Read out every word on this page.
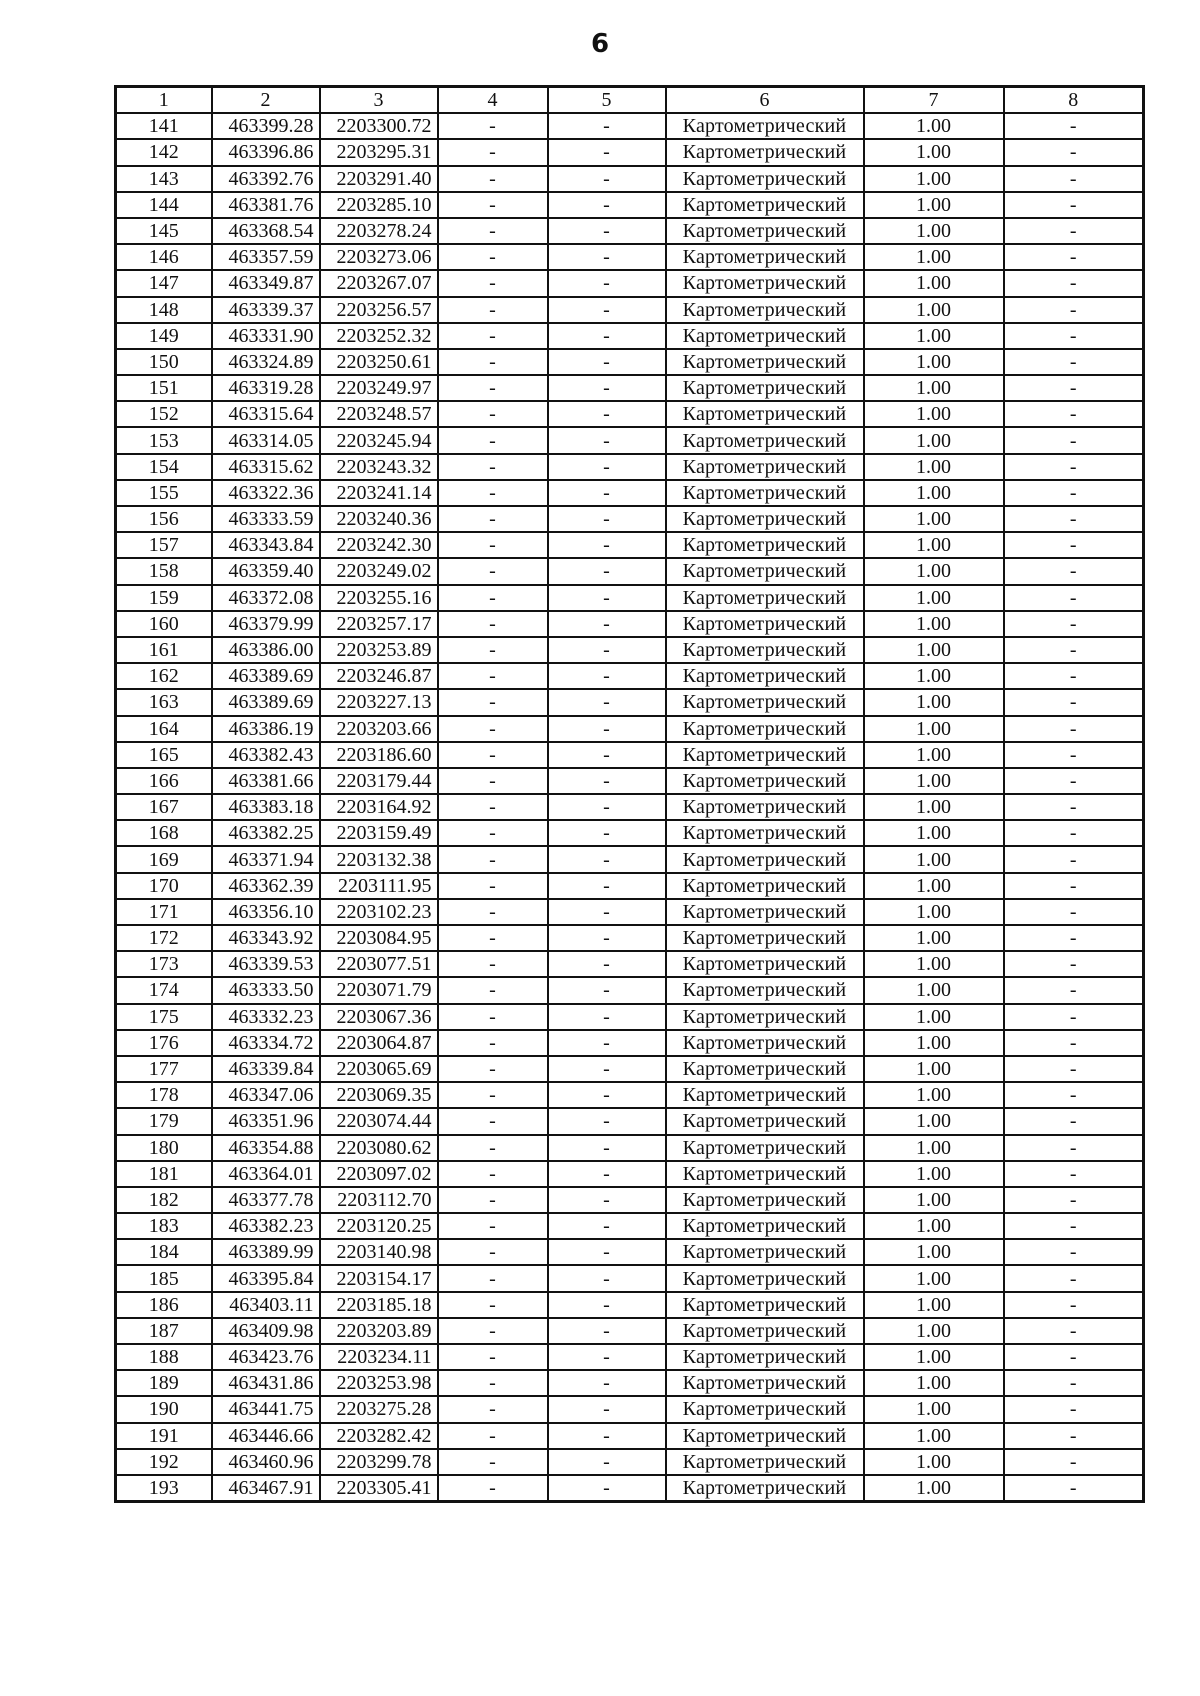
6
1	2	3	4	5	6	7	8
141	463399.28	2203300.72	-	-	Картометрический	1.00	-
142	463396.86	2203295.31	-	-	Картометрический	1.00	-
143	463392.76	2203291.40	-	-	Картометрический	1.00	-
144	463381.76	2203285.10	-	-	Картометрический	1.00	-
145	463368.54	2203278.24	-	-	Картометрический	1.00	-
146	463357.59	2203273.06	-	-	Картометрический	1.00	-
147	463349.87	2203267.07	-	-	Картометрический	1.00	-
148	463339.37	2203256.57	-	-	Картометрический	1.00	-
149	463331.90	2203252.32	-	-	Картометрический	1.00	-
150	463324.89	2203250.61	-	-	Картометрический	1.00	-
151	463319.28	2203249.97	-	-	Картометрический	1.00	-
152	463315.64	2203248.57	-	-	Картометрический	1.00	-
153	463314.05	2203245.94	-	-	Картометрический	1.00	-
154	463315.62	2203243.32	-	-	Картометрический	1.00	-
155	463322.36	2203241.14	-	-	Картометрический	1.00	-
156	463333.59	2203240.36	-	-	Картометрический	1.00	-
157	463343.84	2203242.30	-	-	Картометрический	1.00	-
158	463359.40	2203249.02	-	-	Картометрический	1.00	-
159	463372.08	2203255.16	-	-	Картометрический	1.00	-
160	463379.99	2203257.17	-	-	Картометрический	1.00	-
161	463386.00	2203253.89	-	-	Картометрический	1.00	-
162	463389.69	2203246.87	-	-	Картометрический	1.00	-
163	463389.69	2203227.13	-	-	Картометрический	1.00	-
164	463386.19	2203203.66	-	-	Картометрический	1.00	-
165	463382.43	2203186.60	-	-	Картометрический	1.00	-
166	463381.66	2203179.44	-	-	Картометрический	1.00	-
167	463383.18	2203164.92	-	-	Картометрический	1.00	-
168	463382.25	2203159.49	-	-	Картометрический	1.00	-
169	463371.94	2203132.38	-	-	Картометрический	1.00	-
170	463362.39	2203111.95	-	-	Картометрический	1.00	-
171	463356.10	2203102.23	-	-	Картометрический	1.00	-
172	463343.92	2203084.95	-	-	Картометрический	1.00	-
173	463339.53	2203077.51	-	-	Картометрический	1.00	-
174	463333.50	2203071.79	-	-	Картометрический	1.00	-
175	463332.23	2203067.36	-	-	Картометрический	1.00	-
176	463334.72	2203064.87	-	-	Картометрический	1.00	-
177	463339.84	2203065.69	-	-	Картометрический	1.00	-
178	463347.06	2203069.35	-	-	Картометрический	1.00	-
179	463351.96	2203074.44	-	-	Картометрический	1.00	-
180	463354.88	2203080.62	-	-	Картометрический	1.00	-
181	463364.01	2203097.02	-	-	Картометрический	1.00	-
182	463377.78	2203112.70	-	-	Картометрический	1.00	-
183	463382.23	2203120.25	-	-	Картометрический	1.00	-
184	463389.99	2203140.98	-	-	Картометрический	1.00	-
185	463395.84	2203154.17	-	-	Картометрический	1.00	-
186	463403.11	2203185.18	-	-	Картометрический	1.00	-
187	463409.98	2203203.89	-	-	Картометрический	1.00	-
188	463423.76	2203234.11	-	-	Картометрический	1.00	-
189	463431.86	2203253.98	-	-	Картометрический	1.00	-
190	463441.75	2203275.28	-	-	Картометрический	1.00	-
191	463446.66	2203282.42	-	-	Картометрический	1.00	-
192	463460.96	2203299.78	-	-	Картометрический	1.00	-
193	463467.91	2203305.41	-	-	Картометрический	1.00	-
